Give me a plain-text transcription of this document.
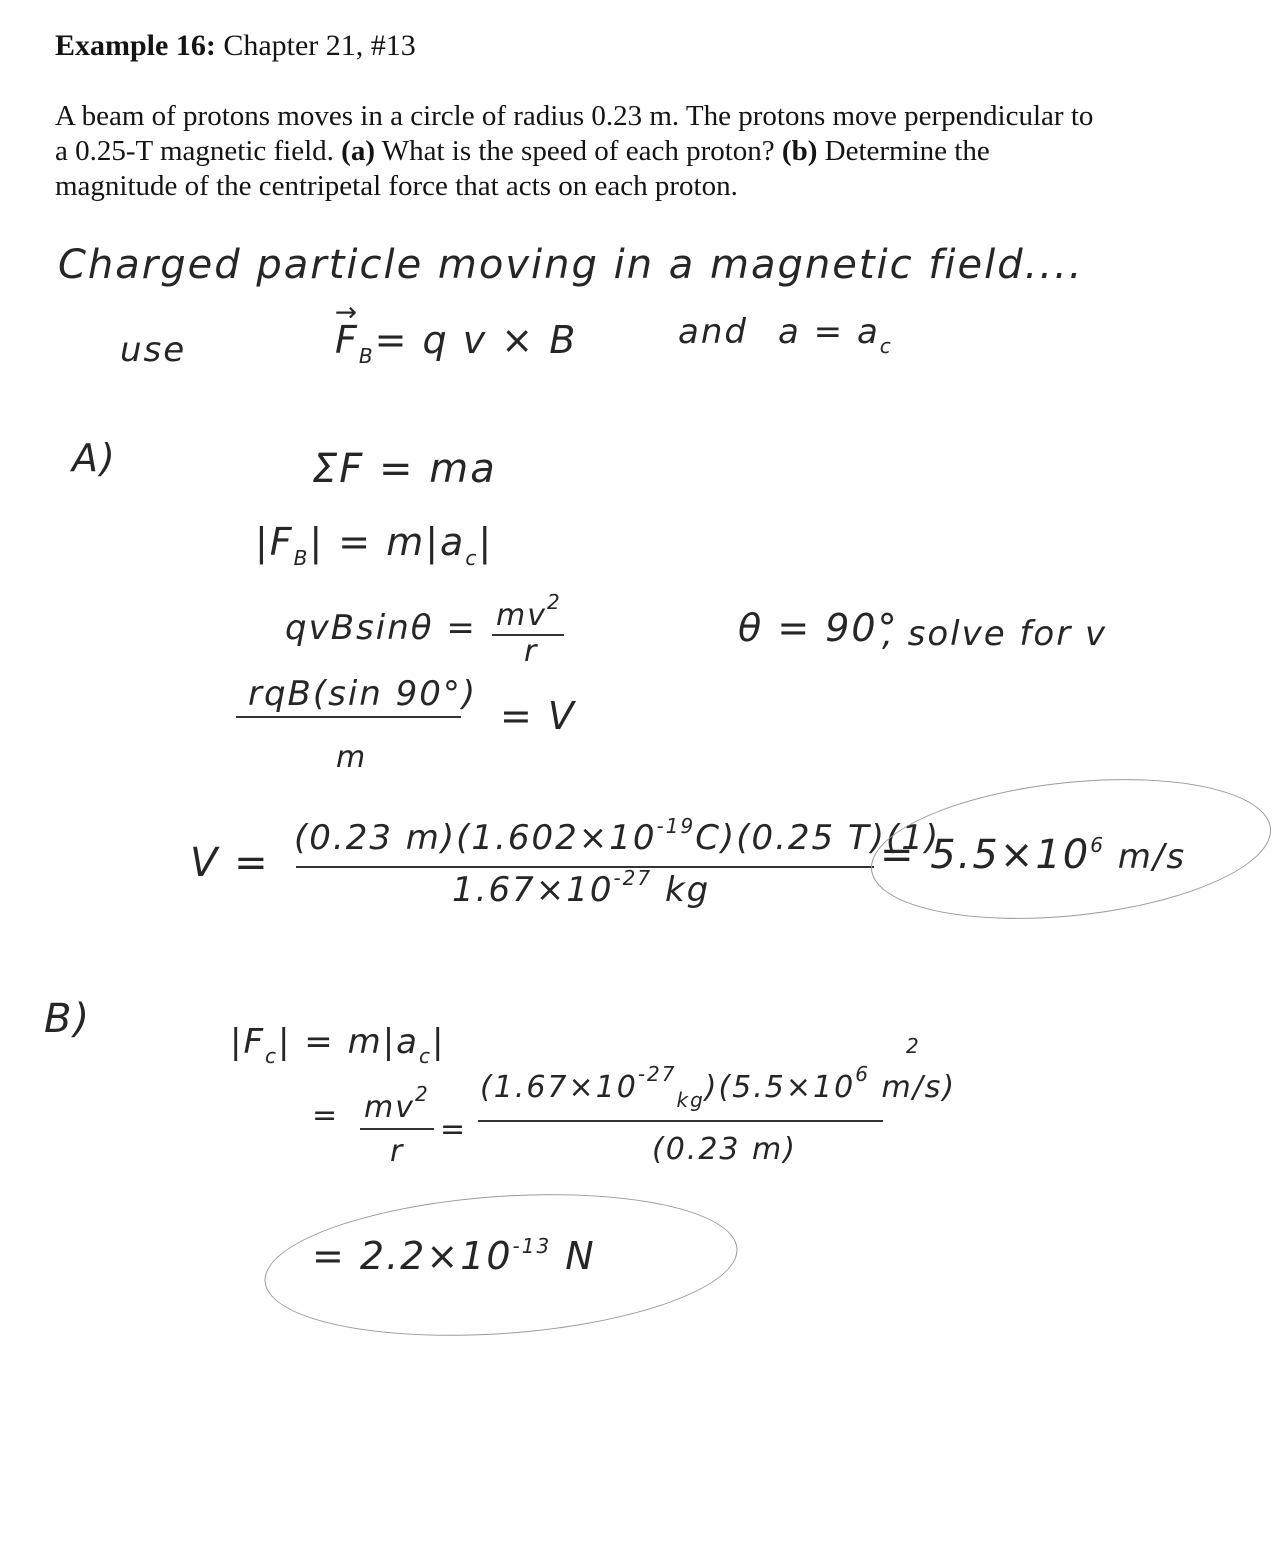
Example 16: Chapter 21, #13
A beam of protons moves in a circle of radius 0.23 m. The protons move perpendicular to
a 0.25-T magnetic field. (a) What is the speed of each proton? (b) Determine the
magnitude of the centripetal force that acts on each proton.
Charged particle moving in a magnetic field....
use
→	$F_B= q$ v × B	and $a = a_c$
A)	ΣF = ma
$|F_B| = m|a_c|$
$qvBsin\theta = mv^2$
r
θ = 90°
, solve for v
rqB(sin 90°)
m
= V
V =
(0.23 $m)(1.602\times 10^{-19}C)(0.25$ T)(1)
$1.67\times 10^{-27}$ kg
= $5.5\times 10^6$ m/s
B)	$|F_c| = m|a_c|$
= $mv^2$
r
=
$(1.67\times 10^{-27}_{kg})(5.5\times 10^6$ m/s)
2
(0.23 m)
= $2.2\times 10^{-13}$ N
